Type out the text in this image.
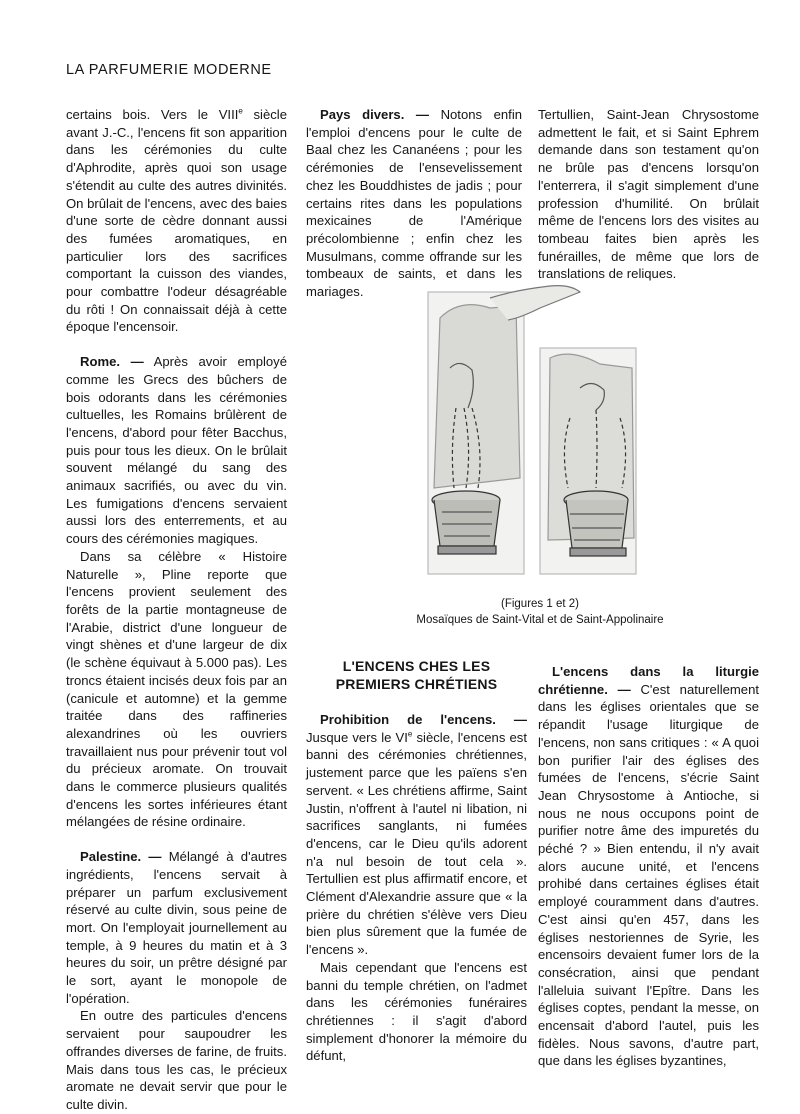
LA PARFUMERIE MODERNE

certains bois. Vers le VIIIe siècle avant J.-C., l'encens fit son apparition dans les cérémonies du culte d'Aphrodite, après quoi son usage s'étendit au culte des autres divinités. On brûlait de l'encens, avec des baies d'une sorte de cèdre donnant aussi des fumées aromatiques, en particulier lors des sacrifices comportant la cuisson des viandes, pour combattre l'odeur désagréable du rôti ! On connaissait déjà à cette époque l'encensoir.

Rome. — Après avoir employé comme les Grecs des bûchers de bois odorants dans les cérémonies cultuelles, les Romains brûlèrent de l'encens, d'abord pour fêter Bacchus, puis pour tous les dieux. On le brûlait souvent mélangé du sang des animaux sacrifiés, ou avec du vin. Les fumigations d'encens servaient aussi lors des enterrements, et au cours des cérémonies magiques.

Dans sa célèbre « Histoire Naturelle », Pline reporte que l'encens provient seulement des forêts de la partie montagneuse de l'Arabie, district d'une longueur de vingt shènes et d'une largeur de dix (le schène équivaut à 5.000 pas). Les troncs étaient incisés deux fois par an (canicule et automne) et la gemme traitée dans des raffineries alexandrines où les ouvriers travaillaient nus pour prévenir tout vol du précieux aromate. On trouvait dans le commerce plusieurs qualités d'encens les sortes inférieures étant mélangées de résine ordinaire.

Palestine. — Mélangé à d'autres ingrédients, l'encens servait à préparer un parfum exclusivement réservé au culte divin, sous peine de mort. On l'employait journellement au temple, à 9 heures du matin et à 3 heures du soir, un prêtre désigné par le sort, ayant le monopole de l'opération.

En outre des particules d'encens servaient pour saupoudrer les offrandes diverses de farine, de fruits. Mais dans tous les cas, le précieux aromate ne devait servir que pour le culte divin.

Pays divers. — Notons enfin l'emploi d'encens pour le culte de Baal chez les Cananéens ; pour les cérémonies de l'ensevelissement chez les Bouddhistes de jadis ; pour certains rites dans les populations mexicaines de l'Amérique précolombienne ; enfin chez les Musulmans, comme offrande sur les tombeaux de saints, et dans les mariages.

Tertullien, Saint-Jean Chrysostome admettent le fait, et si Saint Ephrem demande dans son testament qu'on ne brûle pas d'encens lorsqu'on l'enterrera, il s'agit simplement d'une profession d'humilité. On brûlait même de l'encens lors des visites au tombeau faites bien après les funérailles, de même que lors de translations de reliques.

(Figures 1 et 2)
Mosaïques de Saint-Vital et de Saint-Appolinaire
L'ENCENS CHES LES
PREMIERS CHRÉTIENS

Prohibition de l'encens. — Jusque vers le VIe siècle, l'encens est banni des cérémonies chrétiennes, justement parce que les païens s'en servent. « Les chrétiens affirme, Saint Justin, n'offrent à l'autel ni libation, ni sacrifices sanglants, ni fumées d'encens, car le Dieu qu'ils adorent n'a nul besoin de tout cela ». Tertullien est plus affirmatif encore, et Clément d'Alexandrie assure que « la prière du chrétien s'élève vers Dieu bien plus sûrement que la fumée de l'encens ».

Mais cependant que l'encens est banni du temple chrétien, on l'admet dans les cérémonies funéraires chrétiennes : il s'agit d'abord simplement d'honorer la mémoire du défunt,

L'encens dans la liturgie chrétienne. — C'est naturellement dans les églises orientales que se répandit l'usage liturgique de l'encens, non sans critiques : « A quoi bon purifier l'air des églises des fumées de l'encens, s'écrie Saint Jean Chrysostome à Antioche, si nous ne nous occupons point de purifier notre âme des impuretés du péché ? » Bien entendu, il n'y avait alors aucune unité, et l'encens prohibé dans certaines églises était employé couramment dans d'autres. C'est ainsi qu'en 457, dans les églises nestoriennes de Syrie, les encensoirs devaient fumer lors de la consécration, ainsi que pendant l'alleluia suivant l'Epître. Dans les églises coptes, pendant la messe, on encensait d'abord l'autel, puis les fidèles. Nous savons, d'autre part, que dans les églises byzantines,
